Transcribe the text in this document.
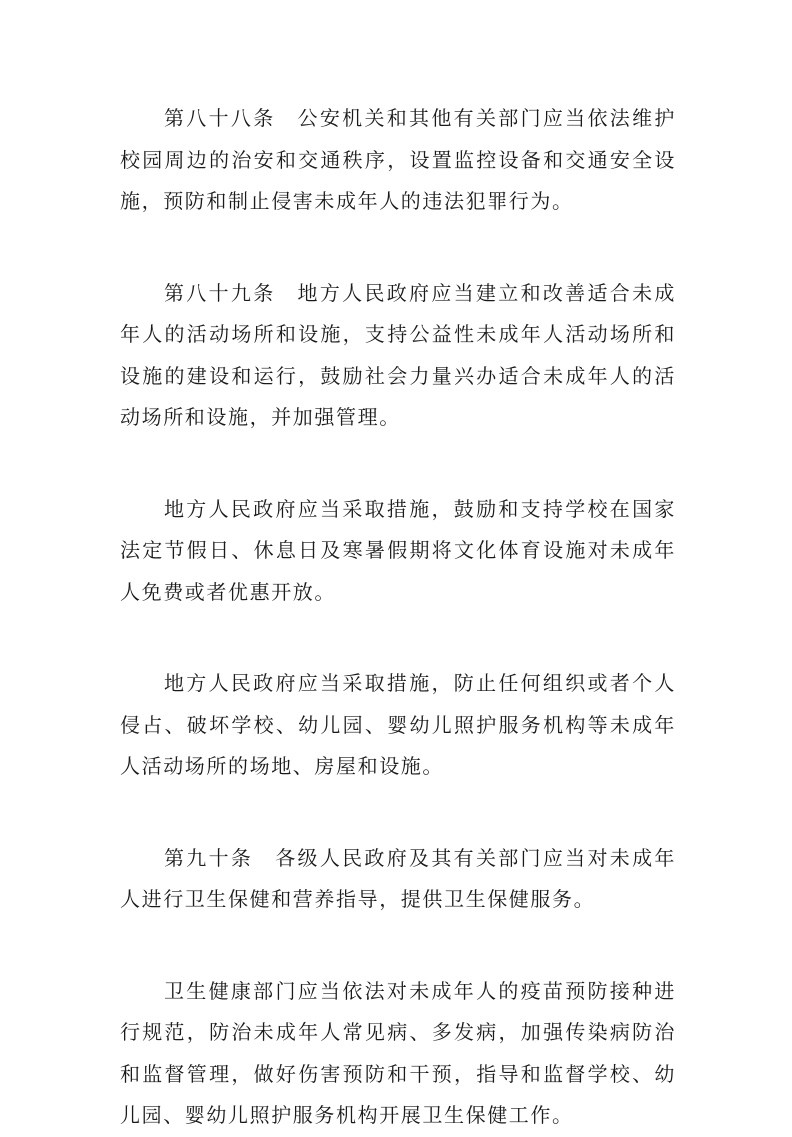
第八十八条 公安机关和其他有关部门应当依法维护校园周边的治安和交通秩序，设置监控设备和交通安全设施，预防和制止侵害未成年人的违法犯罪行为。

第八十九条 地方人民政府应当建立和改善适合未成年人的活动场所和设施，支持公益性未成年人活动场所和设施的建设和运行，鼓励社会力量兴办适合未成年人的活动场所和设施，并加强管理。

地方人民政府应当采取措施，鼓励和支持学校在国家法定节假日、休息日及寒暑假期将文化体育设施对未成年人免费或者优惠开放。

地方人民政府应当采取措施，防止任何组织或者个人侵占、破坏学校、幼儿园、婴幼儿照护服务机构等未成年人活动场所的场地、房屋和设施。

第九十条 各级人民政府及其有关部门应当对未成年人进行卫生保健和营养指导，提供卫生保健服务。

卫生健康部门应当依法对未成年人的疫苗预防接种进行规范，防治未成年人常见病、多发病，加强传染病防治和监督管理，做好伤害预防和干预，指导和监督学校、幼儿园、婴幼儿照护服务机构开展卫生保健工作。
